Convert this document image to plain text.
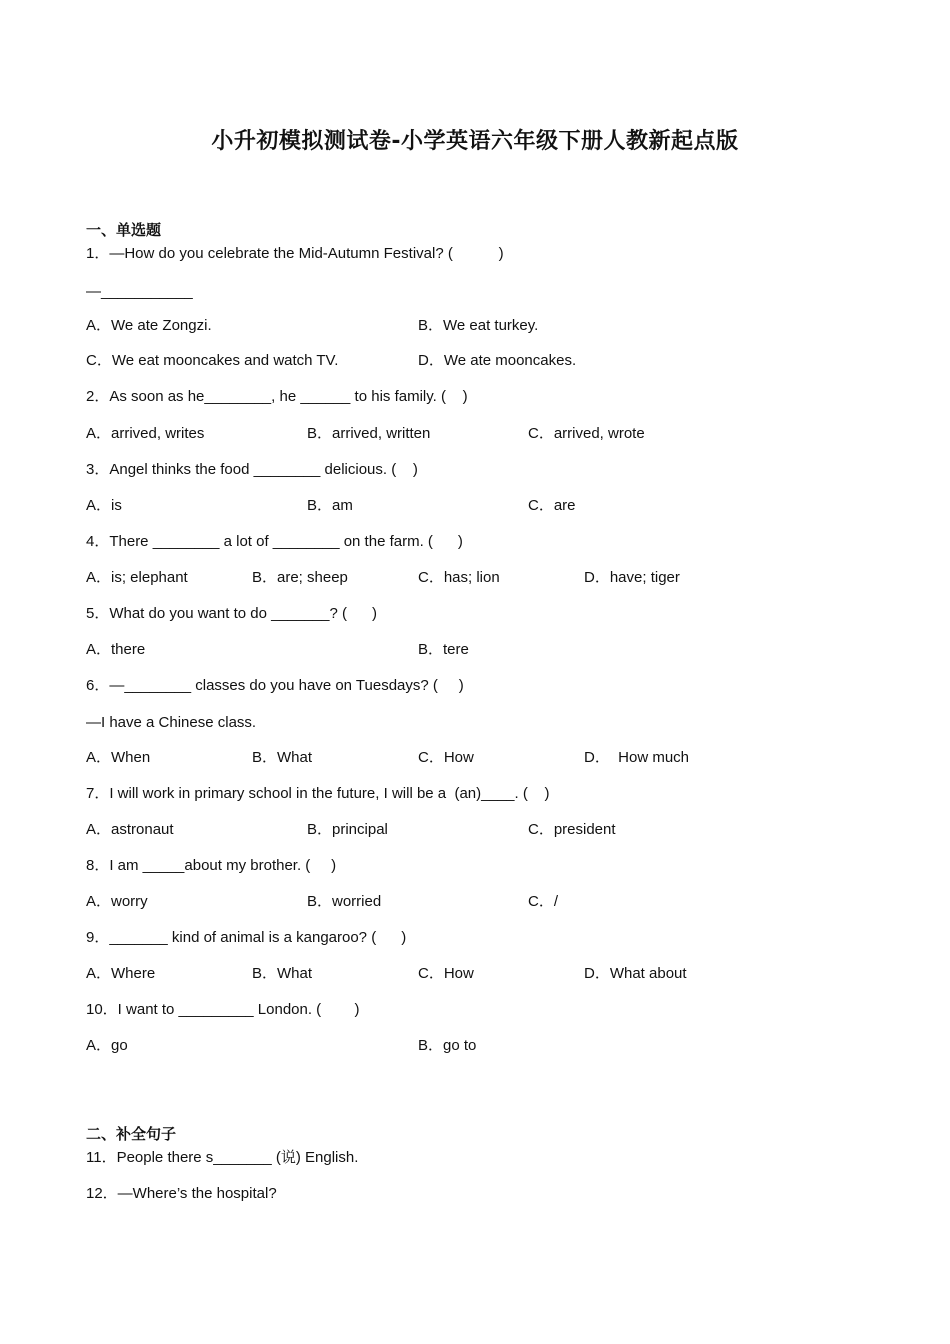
小升初模拟测试卷-小学英语六年级下册人教新起点版
一、单选题
1．—How do you celebrate the Mid-Autumn Festival? (           )
—___________
A．We ate Zongzi.	B．We eat turkey.
C．We eat mooncakes and watch TV.	D．We ate mooncakes.
2．As soon as he________, he ______ to his family. (    )
A．arrived, writes	B．arrived, written	C．arrived, wrote
3．Angel thinks the food ________ delicious. (    )
A．is	B．am	C．are
4．There ________ a lot of ________ on the farm. (      )
A．is; elephant	B．are; sheep	C．has; lion	D．have; tiger
5．What do you want to do _______? (      )
A．there	B．tere
6．—________ classes do you have on Tuesdays? (     )
—I have a Chinese class.
A．When	B．What	C．How	D．  How much
7．I will work in primary school in the future, I will be a  (an)____. (    )
A．astronaut	B．principal	C．president
8．I am _____about my brother. (     )
A．worry	B．worried	C．/
9．_______ kind of animal is a kangaroo? (      )
A．Where	B．What	C．How	D．What about
10．I want to _________ London. (        )
A．go	B．go to
二、补全句子
11．People there s_______ (说) English.
12．—Where’s the hospital?
